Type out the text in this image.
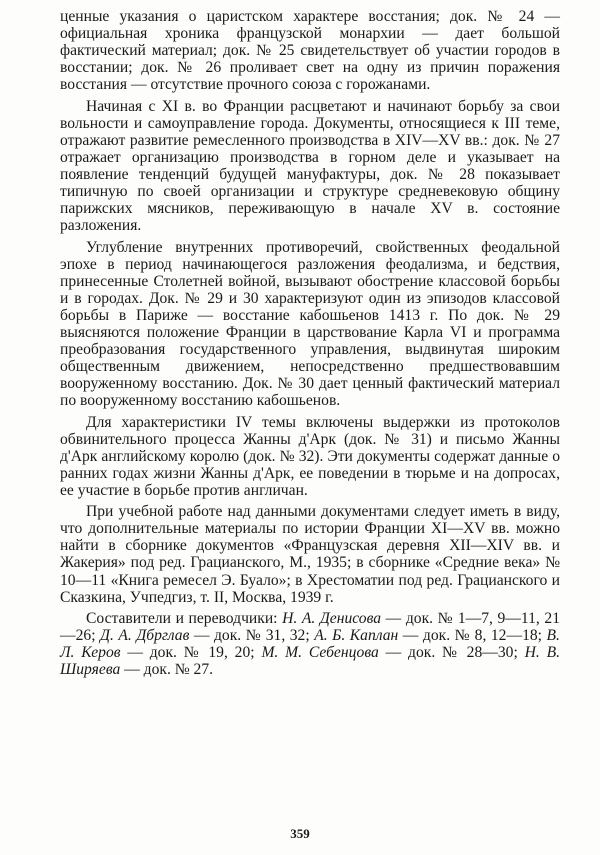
ценные указания о царистском характере восстания; док. № 24 — официальная хроника французской монархии — дает большой фактический материал; док. № 25 свидетельствует об участии городов в восстании; док. № 26 проливает свет на одну из причин поражения восстания — отсутствие прочного союза с горожанами.

Начиная с XI в. во Франции расцветают и начинают борьбу за свои вольности и самоуправление города. Документы, относящиеся к III теме, отражают развитие ремесленного производства в XIV—XV вв.: док. № 27 отражает организацию производства в горном деле и указывает на появление тенденций будущей мануфактуры, док. № 28 показывает типичную по своей организации и структуре средневековую общину парижских мясников, переживающую в начале XV в. состояние разложения.

Углубление внутренних противоречий, свойственных феодальной эпохе в период начинающегося разложения феодализма, и бедствия, принесенные Столетней войной, вызывают обострение классовой борьбы и в городах. Док. № 29 и 30 характеризуют один из эпизодов классовой борьбы в Париже — восстание кабошьенов 1413 г. По док. № 29 выясняются положение Франции в царствование Карла VI и программа преобразования государственного управления, выдвинутая широким общественным движением, непосредственно предшествовавшим вооруженному восстанию. Док. № 30 дает ценный фактический материал по вооруженному восстанию кабошьенов.

Для характеристики IV темы включены выдержки из протоколов обвинительного процесса Жанны д'Арк (док. № 31) и письмо Жанны д'Арк английскому королю (док. № 32). Эти документы содержат данные о ранних годах жизни Жанны д'Арк, ее поведении в тюрьме и на допросах, ее участие в борьбе против англичан.

При учебной работе над данными документами следует иметь в виду, что дополнительные материалы по истории Франции XI—XV вв. можно найти в сборнике документов «Французская деревня XII—XIV вв. и Жакерия» под ред. Грацианского, М., 1935; в сборнике «Средние века» № 10—11 «Книга ремесел Э. Буало»; в Хрестоматии под ред. Грацианского и Сказкина, Учпедгиз, т. II, Москва, 1939 г.

Составители и переводчики: Н. А. Денисова — док. № 1—7, 9—11, 21—26; Д. А. Дбрглав — док. № 31, 32; А. Б. Каплан — док. № 8, 12—18; В. Л. Керов — док. № 19, 20; М. М. Себенцова — док. № 28—30; Н. В. Ширяева — док. № 27.

359
